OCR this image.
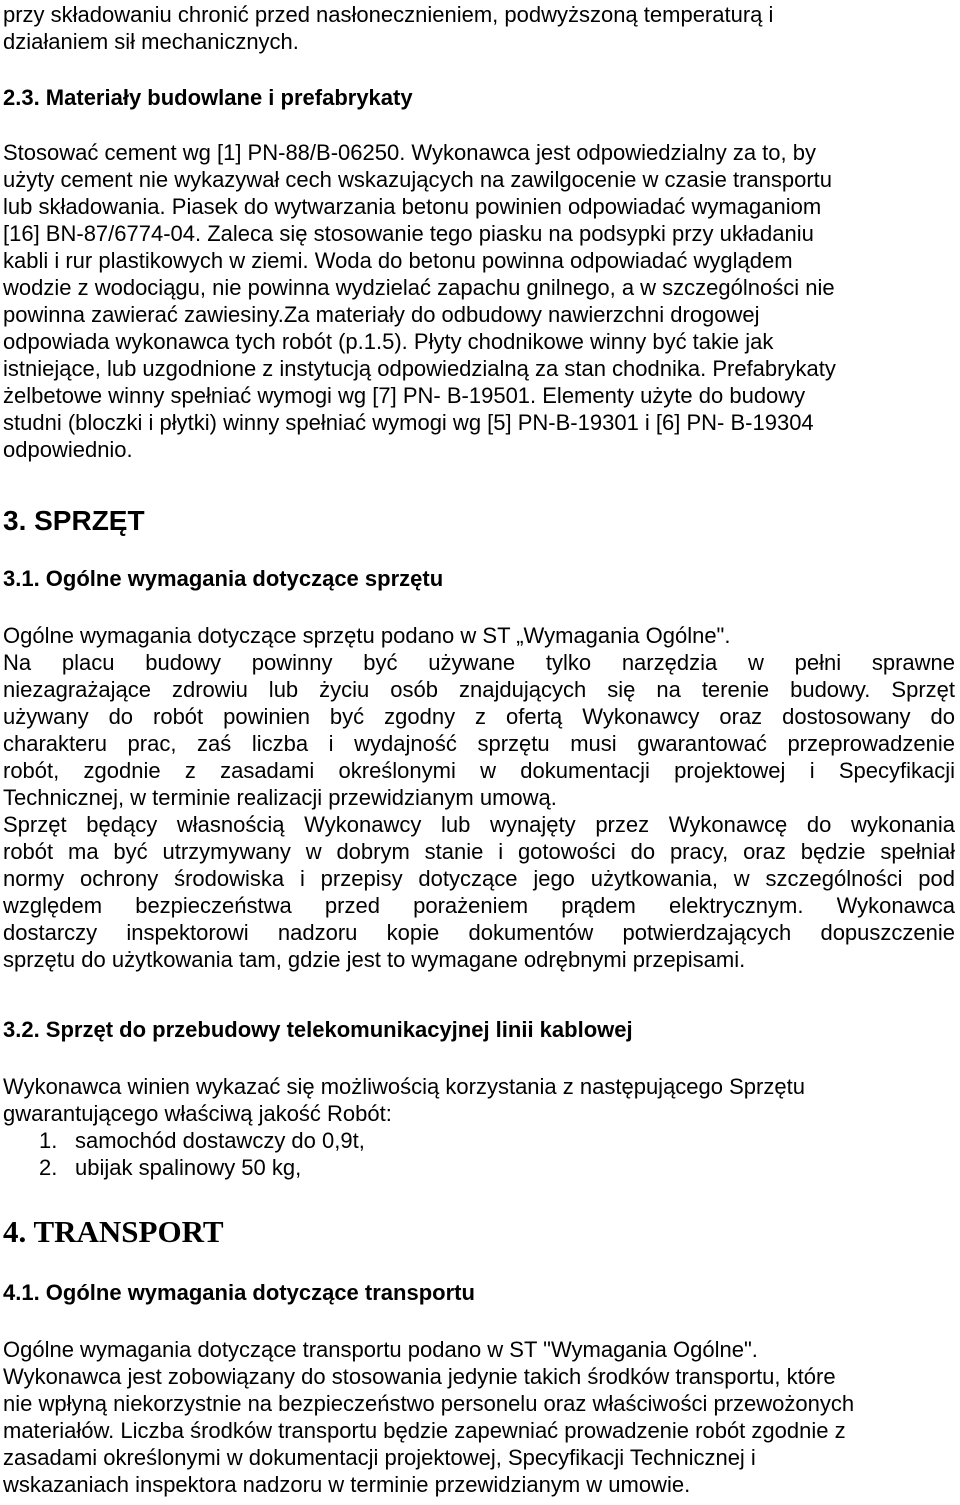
przy składowaniu chronić przed nasłonecznieniem, podwyższoną temperaturą i
działaniem sił mechanicznych.
2.3. Materiały budowlane i prefabrykaty
Stosować cement wg [1] PN-88/B-06250. Wykonawca jest odpowiedzialny za to, by
użyty cement nie wykazywał cech wskazujących na zawilgocenie w czasie transportu
lub składowania. Piasek do wytwarzania betonu powinien odpowiadać wymaganiom
[16] BN-87/6774-04. Zaleca się stosowanie tego piasku na podsypki przy układaniu
kabli i rur plastikowych w ziemi. Woda do betonu powinna odpowiadać wyglądem
wodzie z wodociągu, nie powinna wydzielać zapachu gnilnego, a w szczególności nie
powinna zawierać zawiesiny.Za materiały do odbudowy nawierzchni drogowej
odpowiada wykonawca tych robót (p.1.5). Płyty chodnikowe winny być takie jak
istniejące, lub uzgodnione z instytucją odpowiedzialną za stan chodnika. Prefabrykaty
żelbetowe winny spełniać wymogi wg [7] PN- B-19501. Elementy użyte do budowy
studni (bloczki i płytki) winny spełniać wymogi wg [5] PN-B-19301 i [6] PN- B-19304
odpowiednio.
3. SPRZĘT
3.1. Ogólne wymagania dotyczące sprzętu
Ogólne wymagania dotyczące sprzętu podano w ST „Wymagania Ogólne".
Na placu budowy powinny być używane tylko narzędzia w pełni sprawne
niezagrażające zdrowiu lub życiu osób znajdujących się na terenie budowy. Sprzęt
używany do robót powinien być zgodny z ofertą Wykonawcy oraz dostosowany do
charakteru prac, zaś liczba i wydajność sprzętu musi gwarantować przeprowadzenie
robót, zgodnie z zasadami określonymi w dokumentacji projektowej i Specyfikacji
Technicznej, w terminie realizacji przewidzianym umową.
Sprzęt będący własnością Wykonawcy lub wynajęty przez Wykonawcę do wykonania
robót ma być utrzymywany w dobrym stanie i gotowości do pracy, oraz będzie spełniał
normy ochrony środowiska i przepisy dotyczące jego użytkowania, w szczególności pod
względem bezpieczeństwa przed porażeniem prądem elektrycznym. Wykonawca
dostarczy inspektorowi nadzoru kopie dokumentów potwierdzających dopuszczenie
sprzętu do użytkowania tam, gdzie jest to wymagane odrębnymi przepisami.
3.2. Sprzęt do przebudowy telekomunikacyjnej linii kablowej
Wykonawca winien wykazać się możliwością korzystania z następującego Sprzętu
gwarantującego właściwą jakość Robót:
1. samochód dostawczy do 0,9t,
2. ubijak spalinowy 50 kg,
4. TRANSPORT
4.1. Ogólne wymagania dotyczące transportu
Ogólne wymagania dotyczące transportu podano w ST "Wymagania Ogólne".
Wykonawca jest zobowiązany do stosowania jedynie takich środków transportu, które
nie wpłyną niekorzystnie na bezpieczeństwo personelu oraz właściwości przewożonych
materiałów. Liczba środków transportu będzie zapewniać prowadzenie robót zgodnie z
zasadami określonymi w dokumentacji projektowej, Specyfikacji Technicznej i
wskazaniach inspektora nadzoru w terminie przewidzianym w umowie.
